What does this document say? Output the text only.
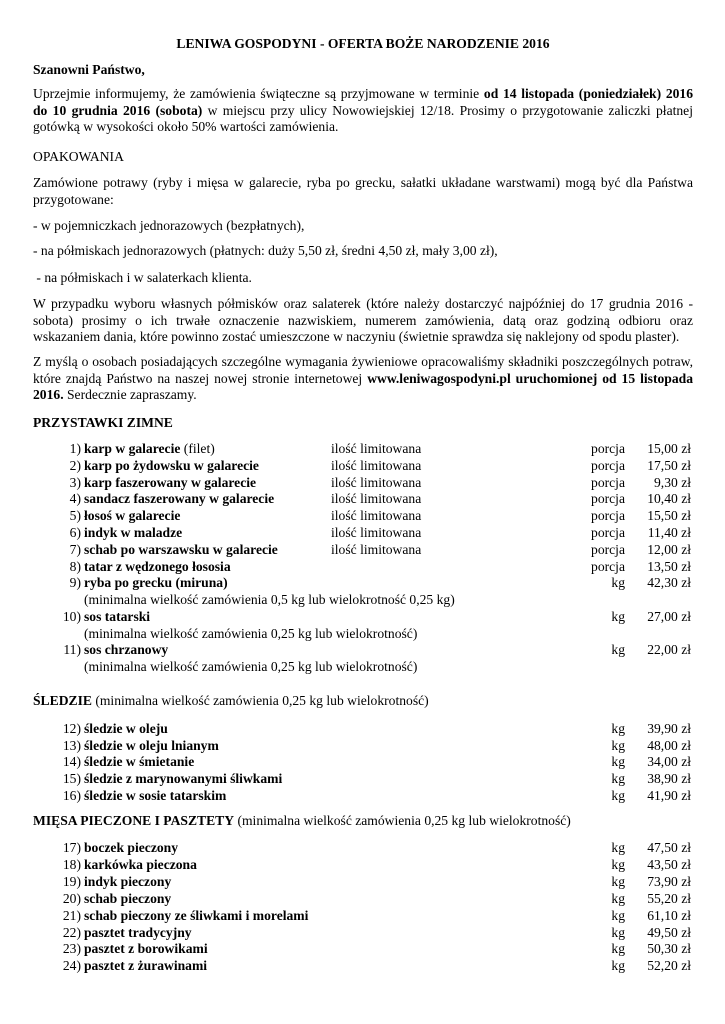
LENIWA GOSPODYNI - OFERTA BOŻE NARODZENIE 2016
Szanowni Państwo,
Uprzejmie informujemy, że zamówienia świąteczne są przyjmowane w terminie od 14 listopada (poniedziałek) 2016 do 10 grudnia 2016 (sobota) w miejscu przy ulicy Nowowiejskiej 12/18. Prosimy o przygotowanie zaliczki płatnej gotówką w wysokości około 50% wartości zamówienia.
OPAKOWANIA
Zamówione potrawy (ryby i mięsa w galarecie, ryba po grecku, sałatki układane warstwami) mogą być dla Państwa przygotowane:
- w pojemniczkach jednorazowych (bezpłatnych),
- na półmiskach jednorazowych (płatnych: duży 5,50 zł, średni 4,50 zł, mały 3,00 zł),
- na półmiskach i w salaterkach klienta.
W przypadku wyboru własnych półmisków oraz salaterek (które należy dostarczyć najpóźniej do 17 grudnia 2016 - sobota) prosimy o ich trwałe oznaczenie nazwiskiem, numerem zamówienia, datą oraz godziną odbioru oraz wskazaniem dania, które powinno zostać umieszczone w naczyniu (świetnie sprawdza się naklejony od spodu plaster).
Z myślą o osobach posiadających szczególne wymagania żywieniowe opracowaliśmy składniki poszczególnych potraw, które znajdą Państwo na naszej nowej stronie internetowej www.leniwagospodyni.pl uruchomionej od 15 listopada 2016. Serdecznie zapraszamy.
PRZYSTAWKI ZIMNE
1) karp w galarecie (filet)	ilość limitowana	porcja 15,00 zł
2) karp po żydowsku w galarecie	ilość limitowana	porcja 17,50 zł
3) karp faszerowany w galarecie	ilość limitowana	porcja 9,30 zł
4) sandacz faszerowany w galarecie	ilość limitowana	porcja 10,40 zł
5) łosoś w galarecie	ilość limitowana	porcja 15,50 zł
6) indyk w maladze	ilość limitowana	porcja 11,40 zł
7) schab po warszawsku w galarecie	ilość limitowana	porcja 12,00 zł
8) tatar z wędzonego łososia	porcja 13,50 zł
9) ryba po grecku (miruna)	kg 42,30 zł
(minimalna wielkość zamówienia 0,5 kg lub wielokrotność 0,25 kg)
10) sos tatarski	kg 27,00 zł
(minimalna wielkość zamówienia 0,25 kg lub wielokrotność)
11) sos chrzanowy	kg 22,00 zł
(minimalna wielkość zamówienia 0,25 kg lub wielokrotność)
ŚLEDZIE (minimalna wielkość zamówienia 0,25 kg lub wielokrotność)
12) śledzie w oleju	kg 39,90 zł
13) śledzie w oleju lnianym	kg 48,00 zł
14) śledzie w śmietanie	kg 34,00 zł
15) śledzie z marynowanymi śliwkami	kg 38,90 zł
16) śledzie w sosie tatarskim	kg 41,90 zł
MIĘSA PIECZONE I PASZTETY (minimalna wielkość zamówienia 0,25 kg lub wielokrotność)
17) boczek pieczony	kg 47,50 zł
18) karkówka pieczona	kg 43,50 zł
19) indyk pieczony	kg 73,90 zł
20) schab pieczony	kg 55,20 zł
21) schab pieczony ze śliwkami i morelami	kg 61,10 zł
22) pasztet tradycyjny	kg 49,50 zł
23) pasztet z borowikami	kg 50,30 zł
24) pasztet z żurawinami	kg 52,20 zł
